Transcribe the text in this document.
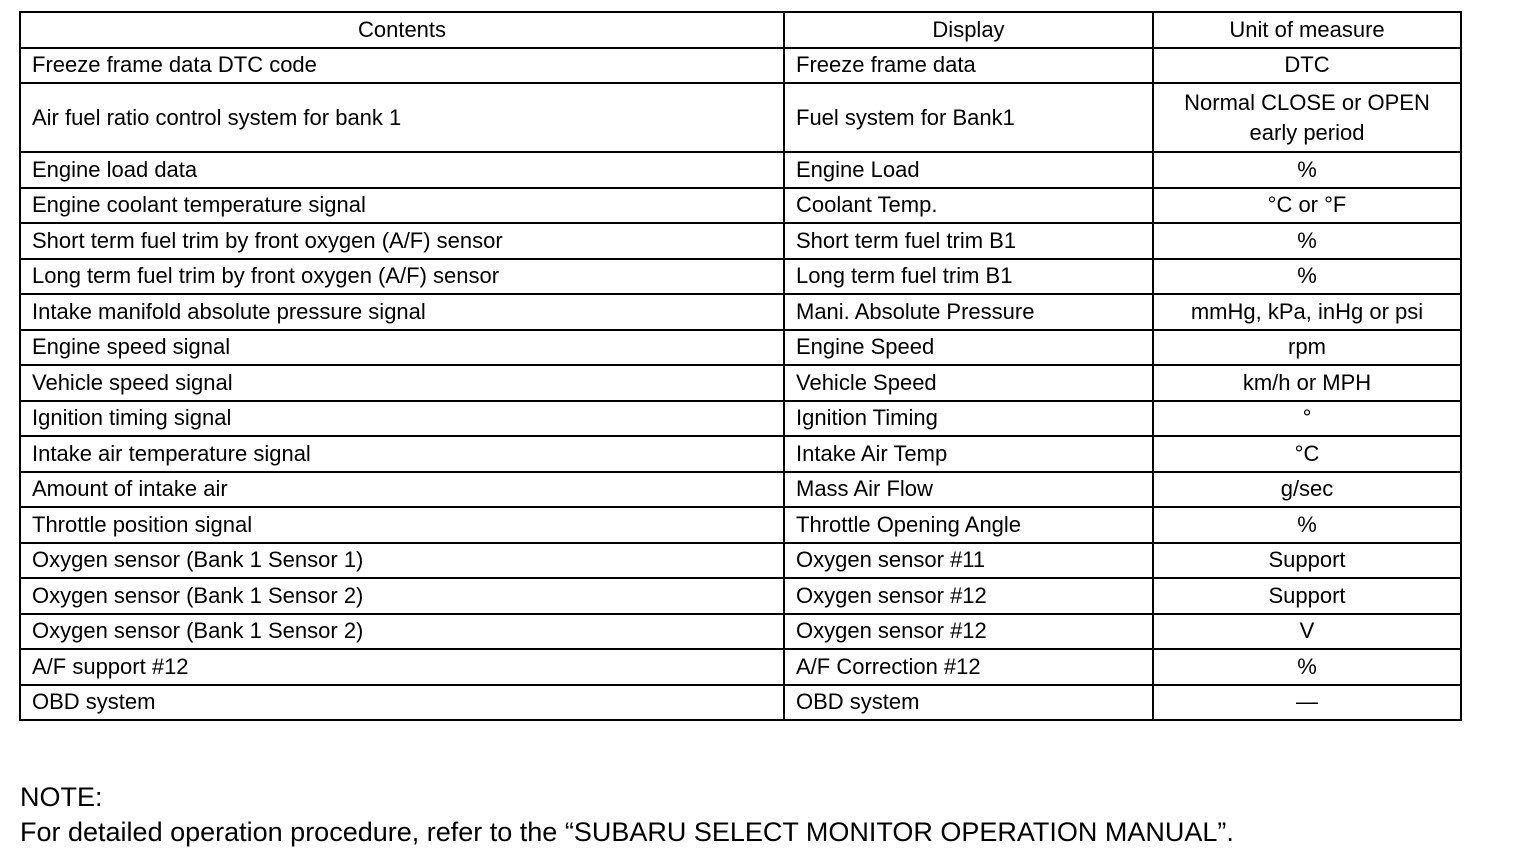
Contents	Display	Unit of measure
Freeze frame data DTC code	Freeze frame data	DTC
Air fuel ratio control system for bank 1	Fuel system for Bank1	Normal CLOSE or OPEN
early period
Engine load data	Engine Load	%
Engine coolant temperature signal	Coolant Temp.	°C or °F
Short term fuel trim by front oxygen (A/F) sensor	Short term fuel trim B1	%
Long term fuel trim by front oxygen (A/F) sensor	Long term fuel trim B1	%
Intake manifold absolute pressure signal	Mani. Absolute Pressure	mmHg, kPa, inHg or psi
Engine speed signal	Engine Speed	rpm
Vehicle speed signal	Vehicle Speed	km/h or MPH
Ignition timing signal	Ignition Timing	°
Intake air temperature signal	Intake Air Temp	°C
Amount of intake air	Mass Air Flow	g/sec
Throttle position signal	Throttle Opening Angle	%
Oxygen sensor (Bank 1 Sensor 1)	Oxygen sensor #11	Support
Oxygen sensor (Bank 1 Sensor 2)	Oxygen sensor #12	Support
Oxygen sensor (Bank 1 Sensor 2)	Oxygen sensor #12	V
A/F support #12	A/F Correction #12	%
OBD system	OBD system	—
NOTE:
For detailed operation procedure, refer to the “SUBARU SELECT MONITOR OPERATION MANUAL”.
